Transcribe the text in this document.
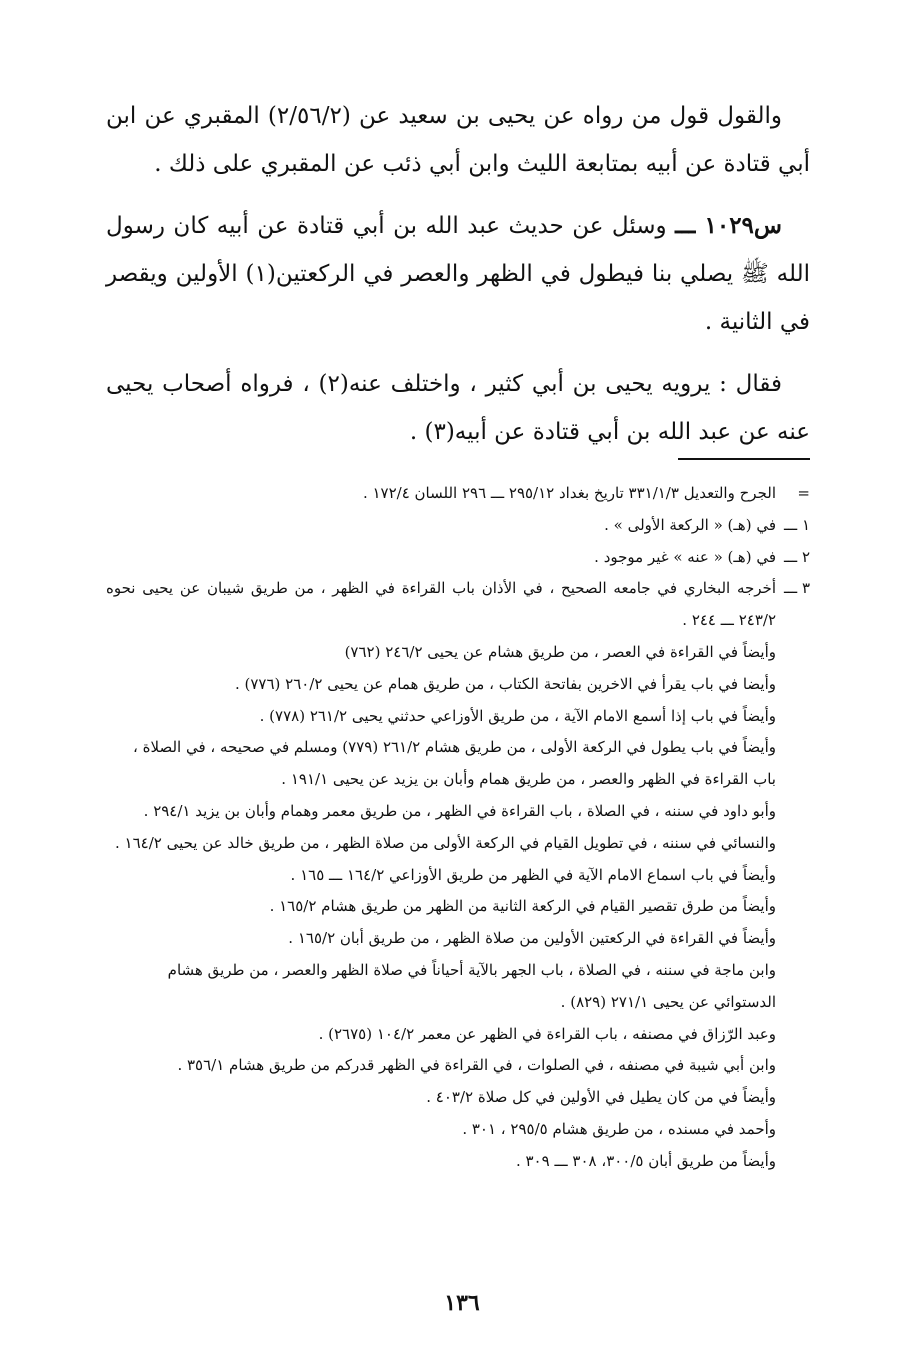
والقول قول من رواه عن يحيى بن سعيد عن (٢/٥٦/٢) المقبري عن ابن أبي قتادة عن أبيه بمتابعة الليث وابن أبي ذئب عن المقبري على ذلك .

س١٠٢٩ ـــ وسئل عن حديث عبد الله بن أبي قتادة عن أبيه كان رسول الله ﷺ يصلي بنا فيطول في الظهر والعصر في الركعتين(١) الأولين ويقصر في الثانية .

فقال : يرويه يحيى بن أبي كثير ، واختلف عنه(٢) ، فرواه أصحاب يحيى عنه عن عبد الله بن أبي قتادة عن أبيه(٣) .

=
الجرح والتعديل ٣٣١/١/٣ تاريخ بغداد ٢٩٥/١٢ ـــ ٢٩٦ اللسان ١٧٢/٤ .
١ ـــ
في (هـ) « الركعة الأولى » .
٢ ـــ
في (هـ) « عنه » غير موجود .
٣ ـــ
أخرجه البخاري في جامعه الصحيح ، في الأذان باب القراءة في الظهر ، من طريق شيبان عن يحيى نحوه ٢٤٣/٢ ـــ ٢٤٤ .
وأيضاً في القراءة في العصر ، من طريق هشام عن يحيى ٢٤٦/٢ (٧٦٢)
وأيضا في باب يقرأ في الاخرين بفاتحة الكتاب ، من طريق همام عن يحيى ٢٦٠/٢ (٧٧٦) .
وأيضاً في باب إذا أسمع الامام الآية ، من طريق الأوزاعي حدثني يحيى ٢٦١/٢ (٧٧٨) .
وأيضاً في باب يطول في الركعة الأولى ، من طريق هشام ٢٦١/٢ (٧٧٩) ومسلم في صحيحه ، في الصلاة ، باب القراءة في الظهر والعصر ، من طريق همام وأبان بن يزيد عن يحيى ١٩١/١ .
وأبو داود في سننه ، في الصلاة ، باب القراءة في الظهر ، من طريق معمر وهمام وأبان بن يزيد ٢٩٤/١ .
والنسائي في سننه ، في تطويل القيام في الركعة الأولى من صلاة الظهر ، من طريق خالد عن يحيى ١٦٤/٢ .
وأيضاً في باب اسماع الامام الآية في الظهر من طريق الأوزاعي ١٦٤/٢ ـــ ١٦٥ .
وأيضاً من طرق تقصير القيام في الركعة الثانية من الظهر من طريق هشام ١٦٥/٢ .
وأيضاً في القراءة في الركعتين الأولين من صلاة الظهر ، من طريق أبان ١٦٥/٢ .
وابن ماجة في سننه ، في الصلاة ، باب الجهر بالآية أحياناً في صلاة الظهر والعصر ، من طريق هشام الدستوائي عن يحيى ٢٧١/١ (٨٢٩) .
وعبد الرّزاق في مصنفه ، باب القراءة في الظهر عن معمر ١٠٤/٢ (٢٦٧٥) .
وابن أبي شيبة في مصنفه ، في الصلوات ، في القراءة في الظهر قدركم من طريق هشام ٣٥٦/١ .
وأيضاً في من كان يطيل في الأولين في كل صلاة ٤٠٣/٢ .
وأحمد في مسنده ، من طريق هشام ٢٩٥/٥ ، ٣٠١ .
وأيضاً من طريق أبان ٣٠٠/٥، ٣٠٨ ـــ ٣٠٩ .
١٣٦
